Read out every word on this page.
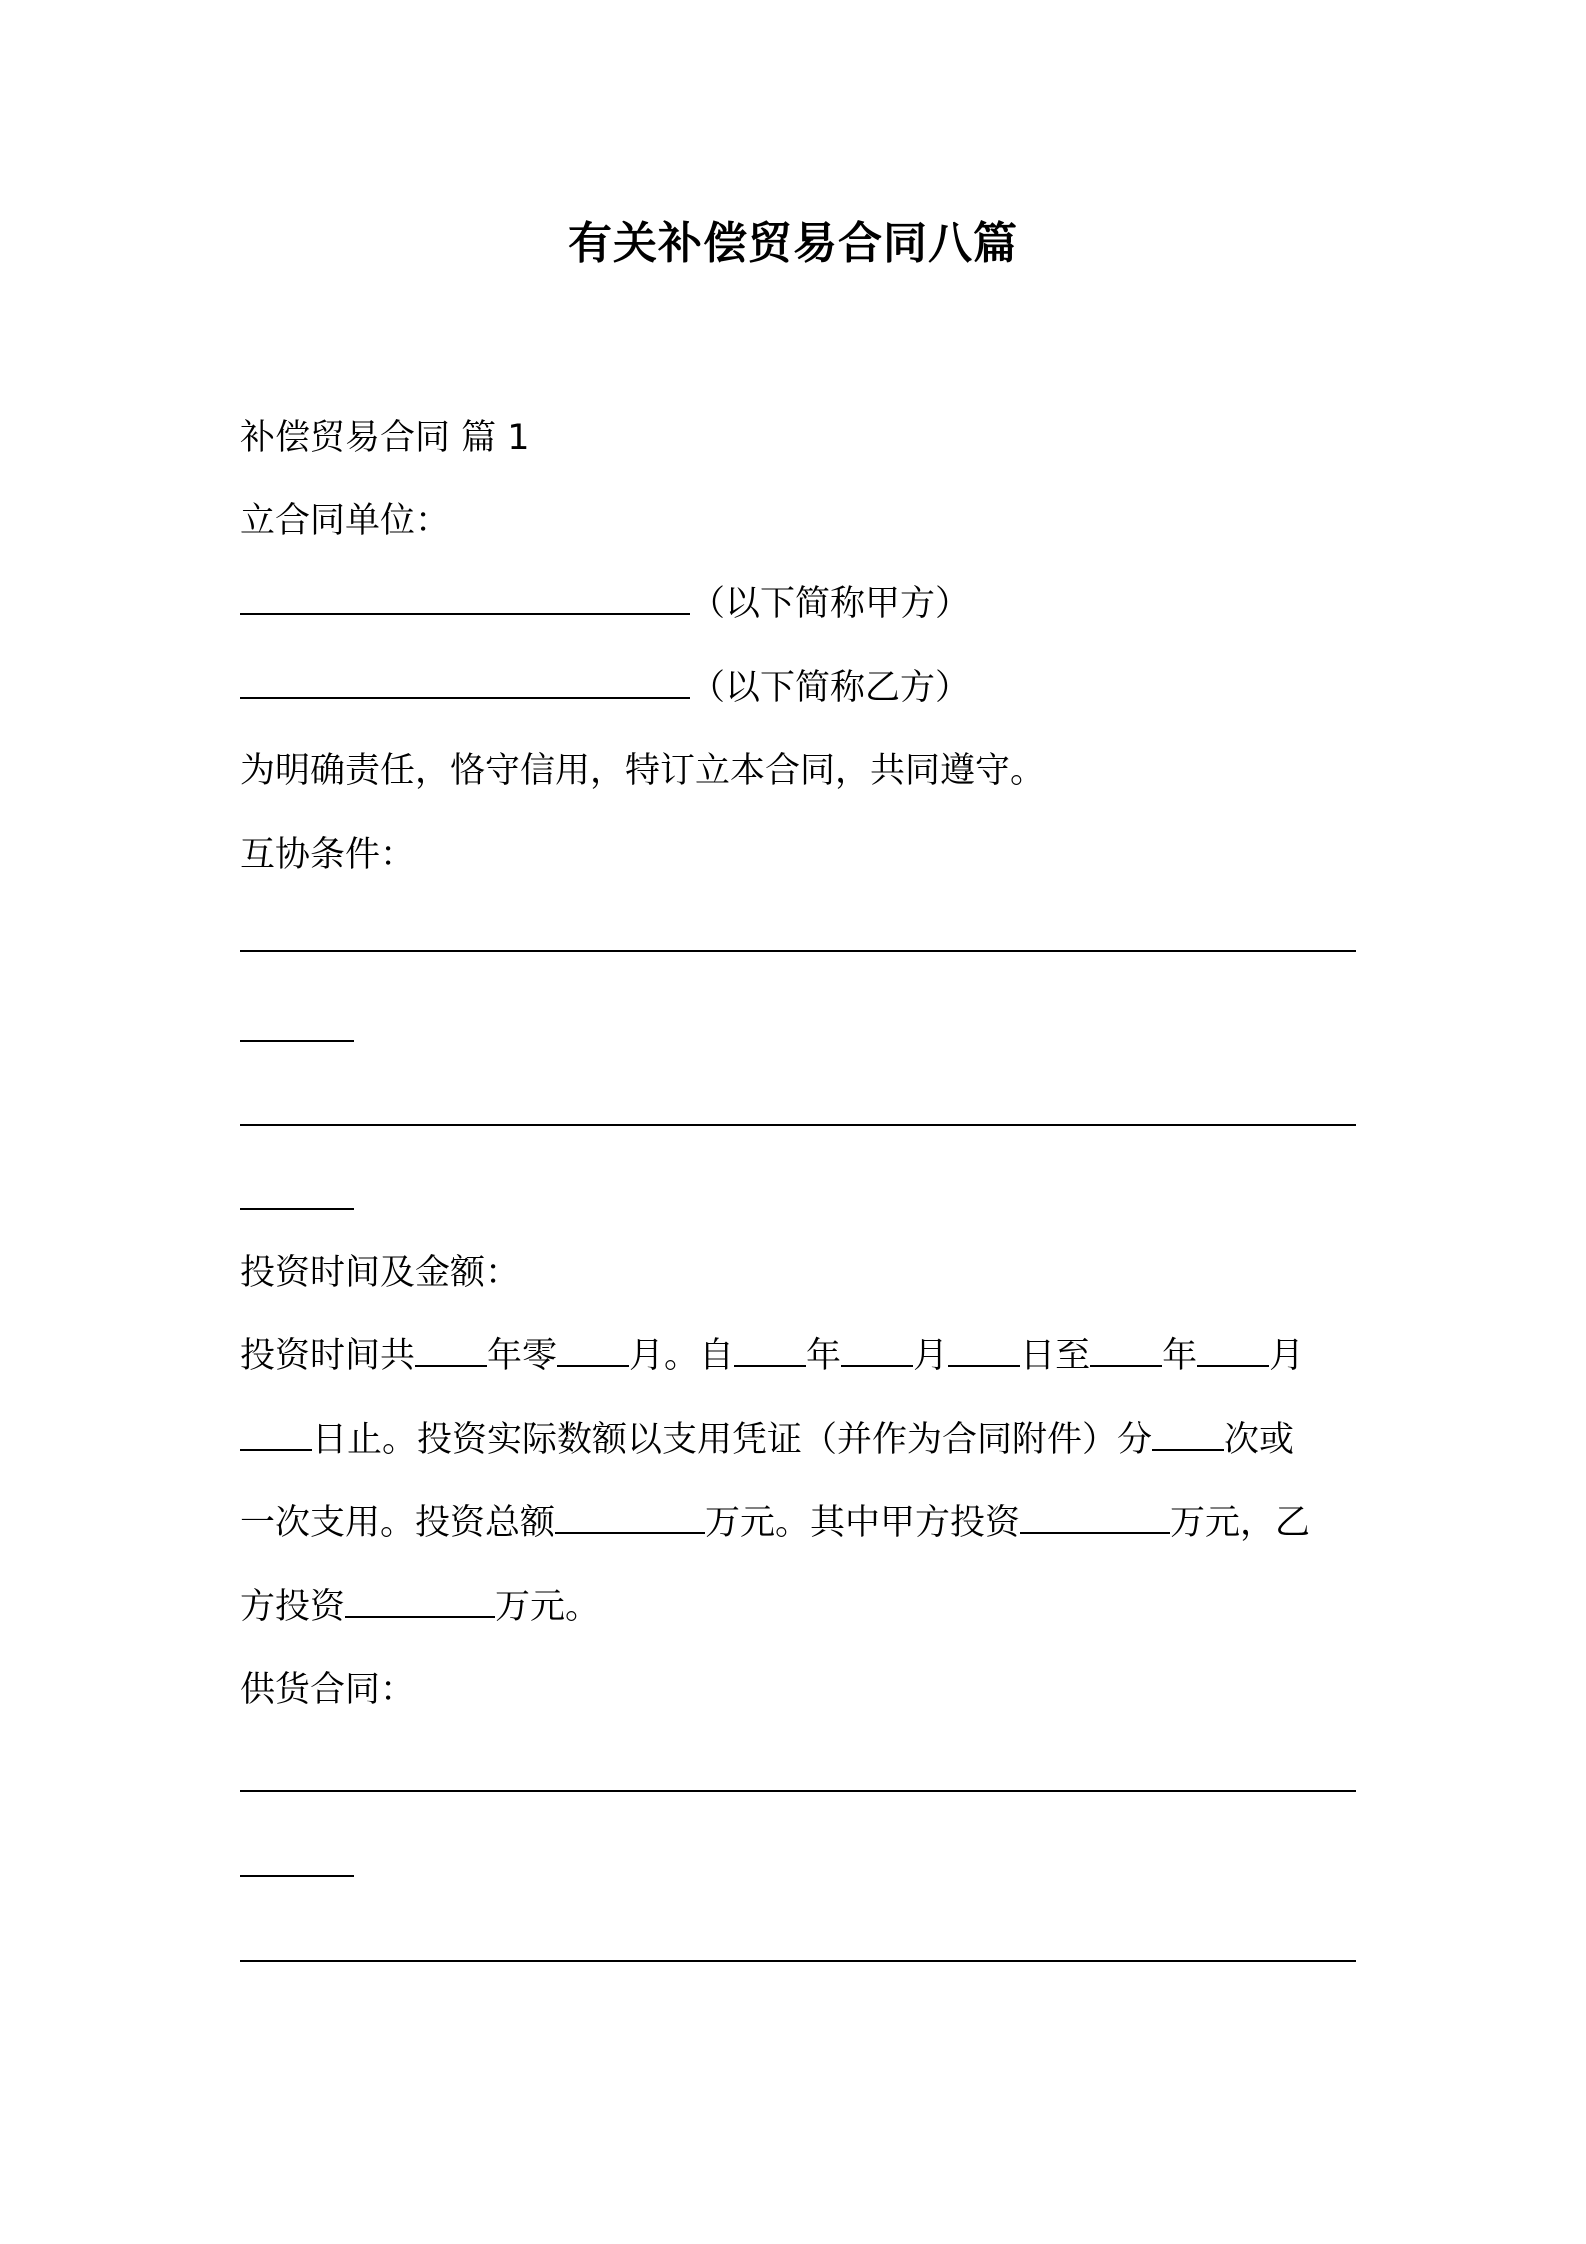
有关补偿贸易合同八篇
补偿贸易合同 篇 1
立合同单位：
（以下简称甲方）
（以下简称乙方）
为明确责任，恪守信用，特订立本合同，共同遵守。
互协条件：
投资时间及金额：
投资时间共 年零 月。自 年 月 日至 年 月
日止。投资实际数额以支用凭证（并作为合同附件）分 次或
一次支用。投资总额	万元。其中甲方投资	万元，乙
方投资	万元。
供货合同：
